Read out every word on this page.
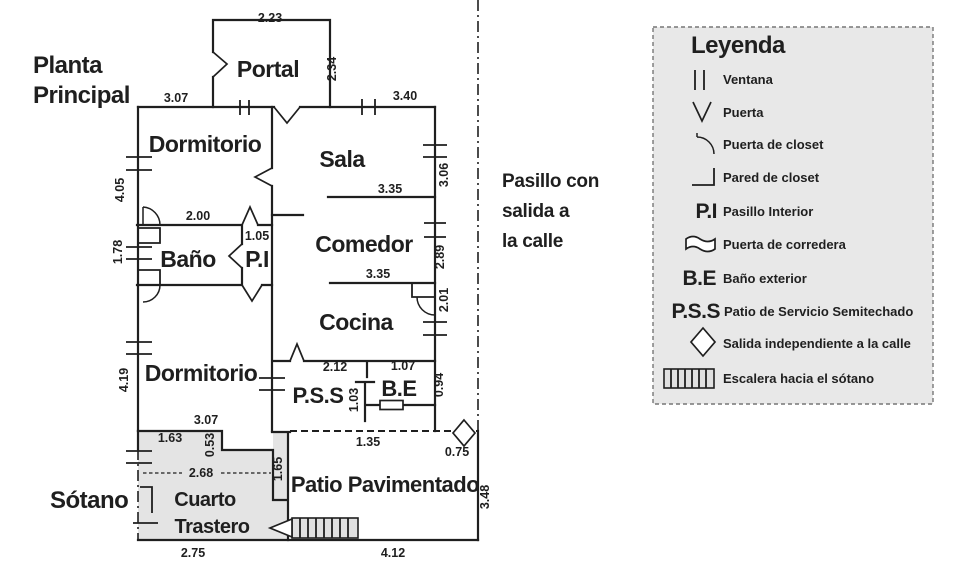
Planta
Principal
Sótano
Pasillo con
salida a
la calle
Portal
Dormitorio
Sala
Baño P.I
Comedor
Cocina
Dormitorio
P.S.S B.E
Cuarto
Trastero
Patio Pavimentado
2.23
2.34
3.07	3.40
4.05
3.06
2.00
1.05
1.78
3.35
2.89
3.35
2.01
4.19
2.12	1.07
1.03
0.94
3.07
1.63 0.53
2.68	1.65
1.35
0.75
2.75	4.12
3.48
Leyenda
Ventana
Puerta
Puerta de closet
Pared de closet
P.I Pasillo Interior
Puerta de corredera
B.E Baño exterior
P.S.S Patio de Servicio Semitechado
Salida independiente a la calle
Escalera hacia el sótano
